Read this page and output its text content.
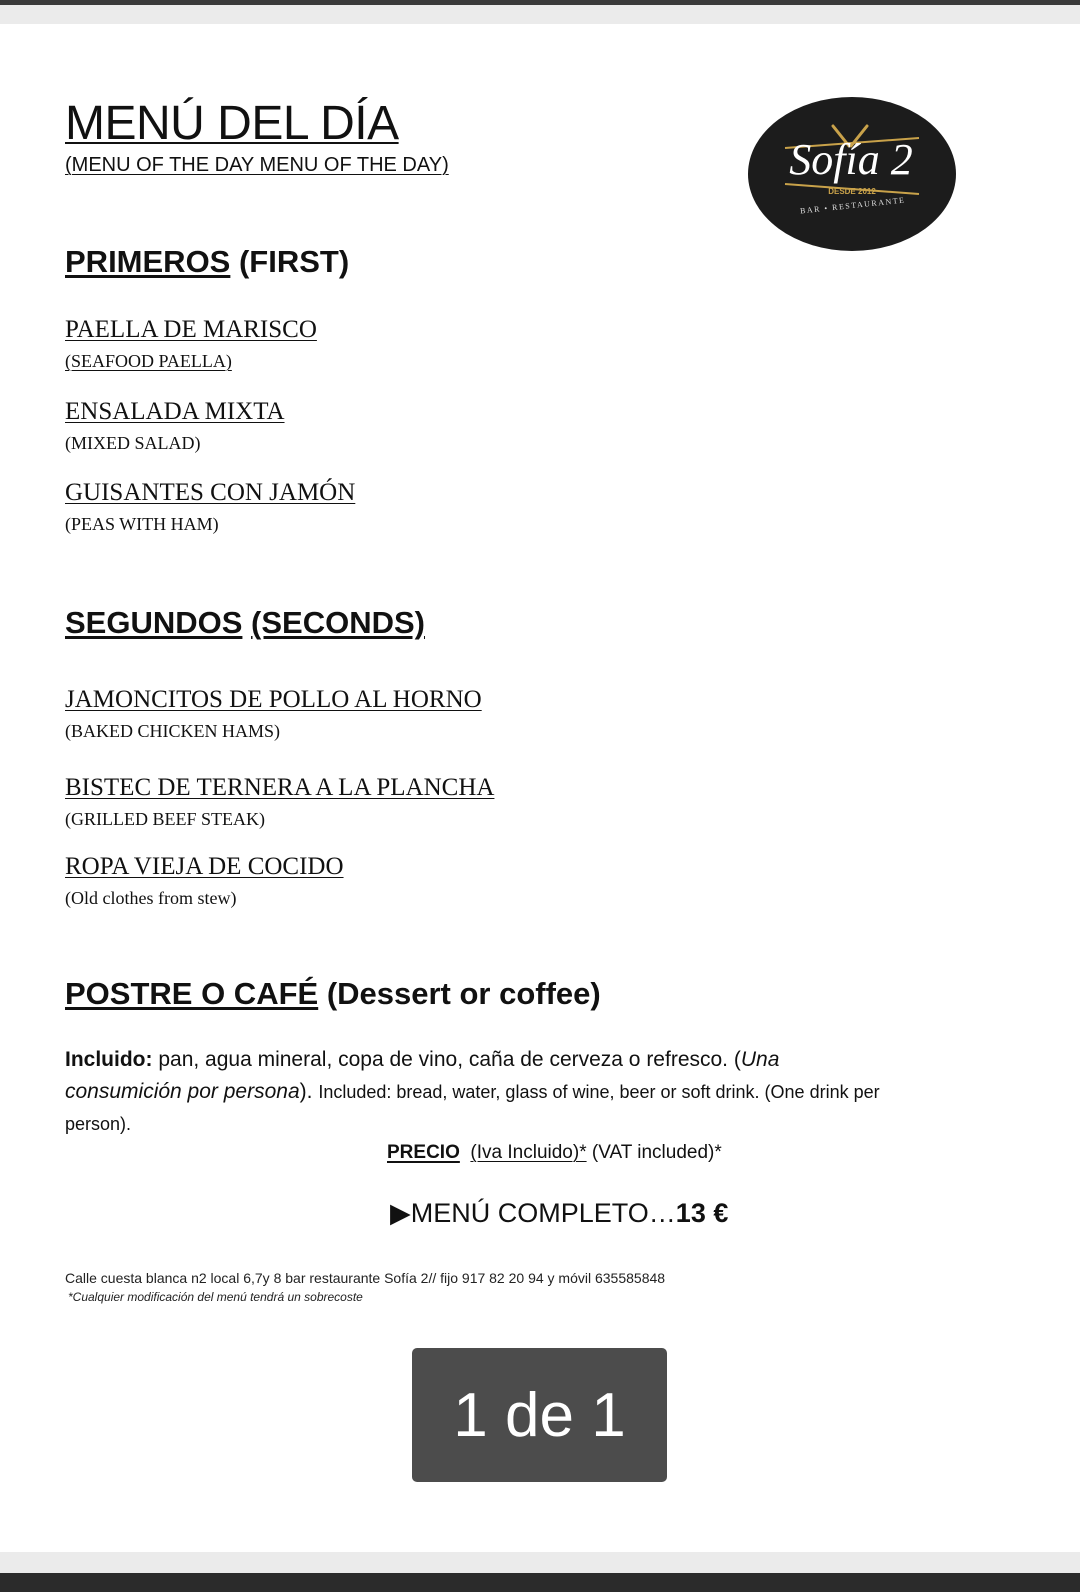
MENÚ DEL DÍA
(MENU OF THE DAY MENU OF THE DAY)	Sofía 2
DESDE 2012
BAR • RESTAURANTE
PRIMEROS (FIRST)
PAELLA DE MARISCO
(SEAFOOD PAELLA)
ENSALADA MIXTA
(MIXED SALAD)
GUISANTES CON JAMÓN
(PEAS WITH HAM)
SEGUNDOS (SECONDS)
JAMONCITOS DE POLLO AL HORNO
(BAKED CHICKEN HAMS)
BISTEC DE TERNERA A LA PLANCHA
(GRILLED BEEF STEAK)
ROPA VIEJA DE COCIDO
(Old clothes from stew)
POSTRE O CAFÉ (Dessert or coffee)
Incluido: pan, agua mineral, copa de vino, caña de cerveza o refresco. (Una consumición por persona). Included: bread, water, glass of wine, beer or soft drink. (One drink per person).
PRECIO (Iva Incluido)* (VAT included)*
▶MENÚ COMPLETO…13 €
Calle cuesta blanca n2 local 6,7y 8 bar restaurante Sofía 2// fijo 917 82 20 94 y móvil 635585848
*Cualquier modificación del menú tendrá un sobrecoste
1 de 1
